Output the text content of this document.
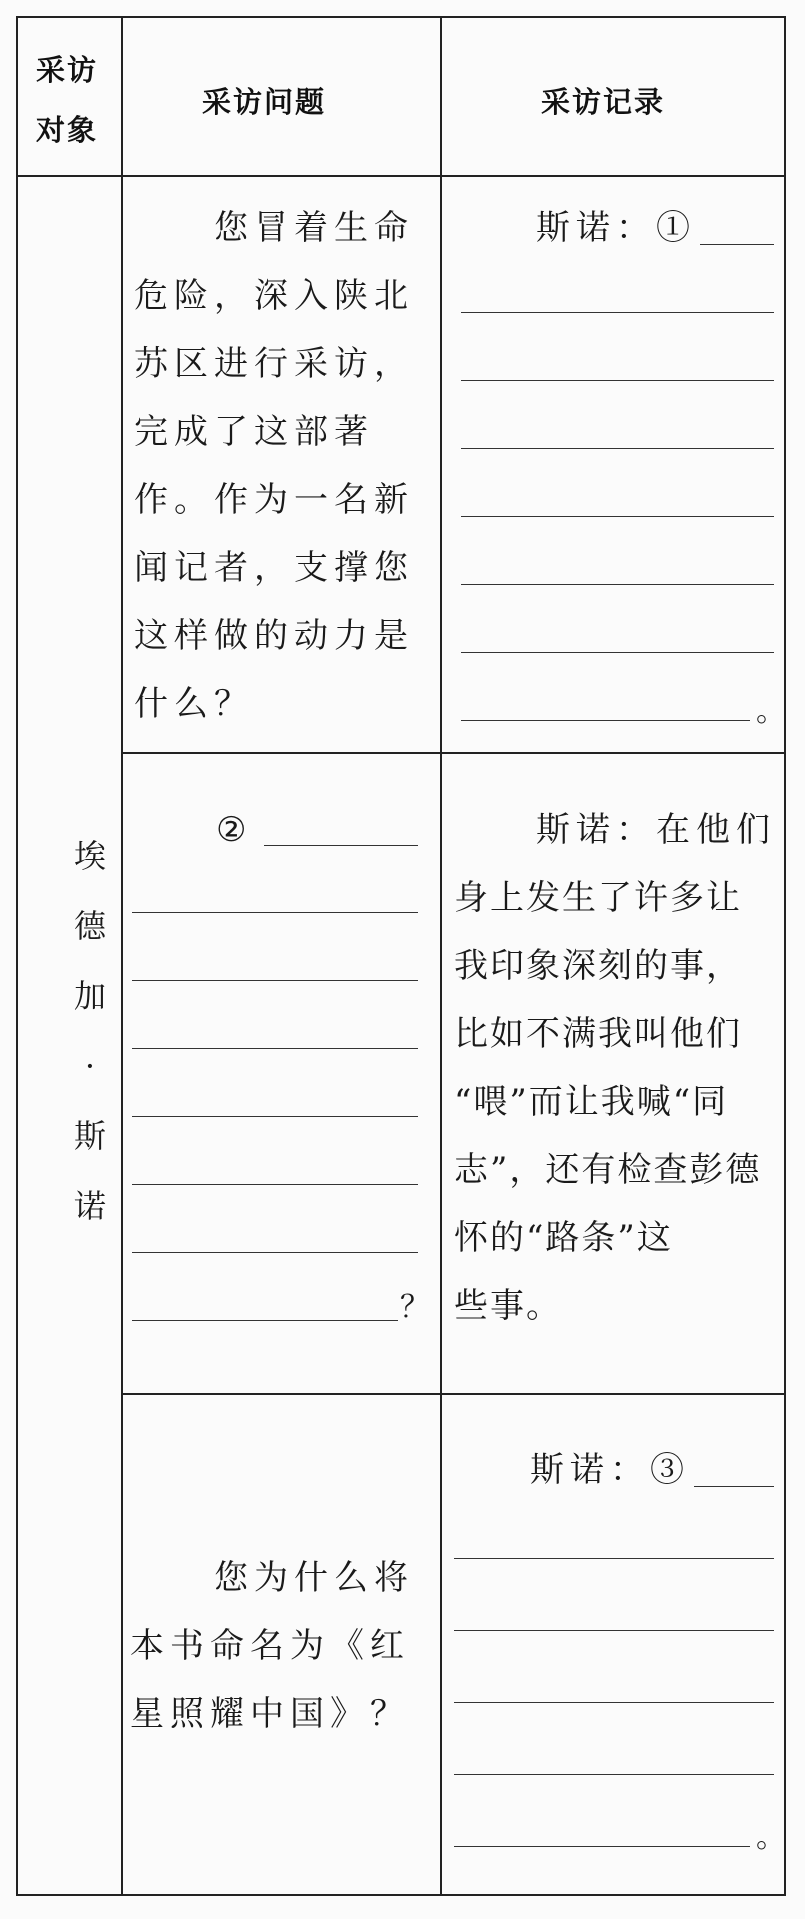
采访
对象
采访问题	采访记录
埃
德
加
·
斯
诺
您冒着生命
危险，深入陕北
苏区进行采访，
完成了这部著
作。作为一名新
闻记者，支撑您
这样做的动力是
什么？
斯诺：①
。
②
？
斯诺：在他们
身上发生了许多让
我印象深刻的事，
比如不满我叫他们
“喂”而让我喊“同
志”，还有检查彭德
怀的“路条”这
些事。
您为什么将
本书命名为《红
星照耀中国》？
斯诺：③
。
